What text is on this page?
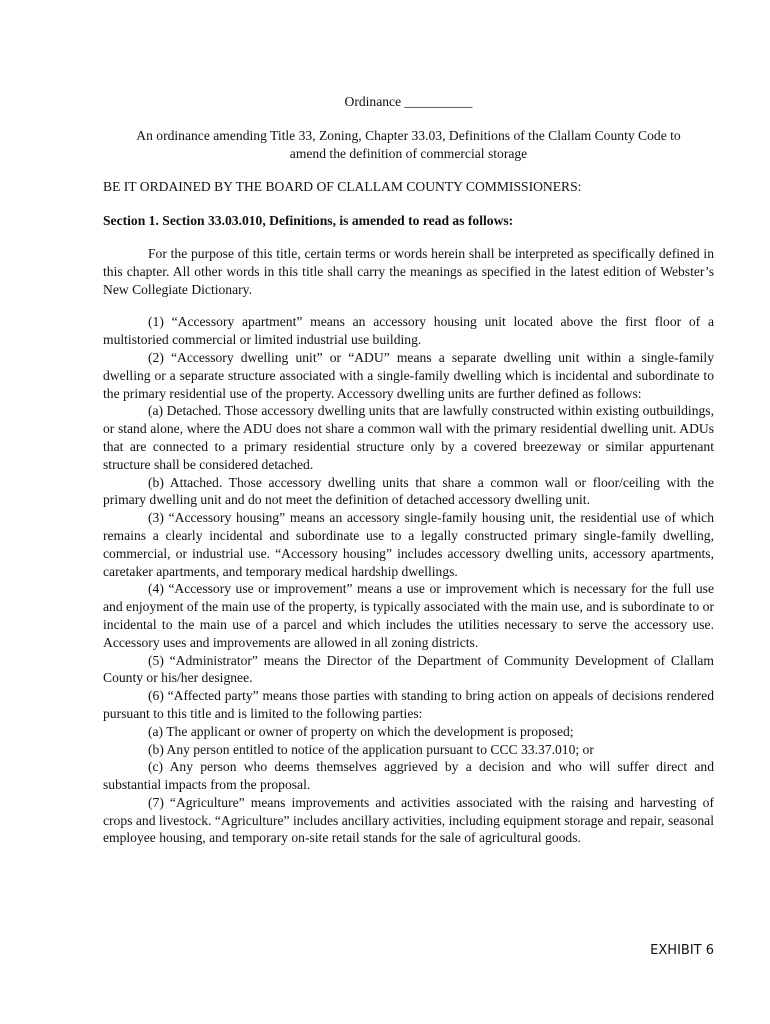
Ordinance __________

An ordinance amending Title 33, Zoning, Chapter 33.03, Definitions of the Clallam County Code to
amend the definition of commercial storage

BE IT ORDAINED BY THE BOARD OF CLALLAM COUNTY COMMISSIONERS:

Section 1. Section 33.03.010, Definitions, is amended to read as follows:

For the purpose of this title, certain terms or words herein shall be interpreted as specifically defined in this chapter. All other words in this title shall carry the meanings as specified in the latest edition of Webster’s New Collegiate Dictionary.

(1) “Accessory apartment” means an accessory housing unit located above the first floor of a multistoried commercial or limited industrial use building.

(2) “Accessory dwelling unit” or “ADU” means a separate dwelling unit within a single-family dwelling or a separate structure associated with a single-family dwelling which is incidental and subordinate to the primary residential use of the property. Accessory dwelling units are further defined as follows:

(a) Detached. Those accessory dwelling units that are lawfully constructed within existing outbuildings, or stand alone, where the ADU does not share a common wall with the primary residential dwelling unit. ADUs that are connected to a primary residential structure only by a covered breezeway or similar appurtenant structure shall be considered detached.

(b) Attached. Those accessory dwelling units that share a common wall or floor/ceiling with the primary dwelling unit and do not meet the definition of detached accessory dwelling unit.

(3) “Accessory housing” means an accessory single-family housing unit, the residential use of which remains a clearly incidental and subordinate use to a legally constructed primary single-family dwelling, commercial, or industrial use. “Accessory housing” includes accessory dwelling units, accessory apartments, caretaker apartments, and temporary medical hardship dwellings.

(4) “Accessory use or improvement” means a use or improvement which is necessary for the full use and enjoyment of the main use of the property, is typically associated with the main use, and is subordinate to or incidental to the main use of a parcel and which includes the utilities necessary to serve the accessory use. Accessory uses and improvements are allowed in all zoning districts.

(5) “Administrator” means the Director of the Department of Community Development of Clallam County or his/her designee.

(6) “Affected party” means those parties with standing to bring action on appeals of decisions rendered pursuant to this title and is limited to the following parties:

(a) The applicant or owner of property on which the development is proposed;

(b) Any person entitled to notice of the application pursuant to CCC 33.37.010; or

(c) Any person who deems themselves aggrieved by a decision and who will suffer direct and substantial impacts from the proposal.

(7) “Agriculture” means improvements and activities associated with the raising and harvesting of crops and livestock. “Agriculture” includes ancillary activities, including equipment storage and repair, seasonal employee housing, and temporary on-site retail stands for the sale of agricultural goods.

EXHIBIT 6
